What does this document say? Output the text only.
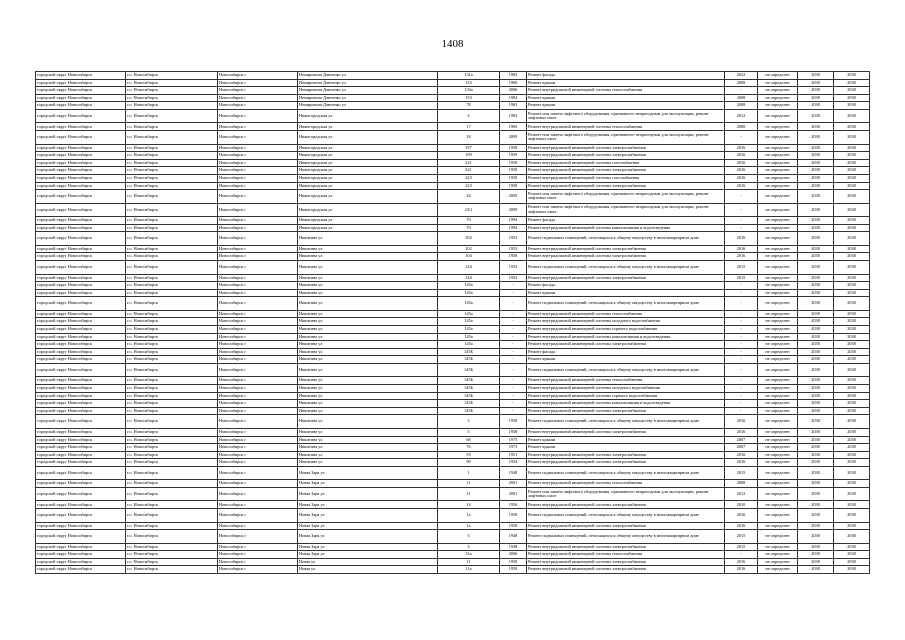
1408
городской округ Новосибирск	г.о. Новосибирск	Новосибирск г	Немировича-Данченко ул	131а	1982	Ремонт фасада	2022	не определен	2038	2038
городской округ Новосибирск	г.о. Новосибирск	Новосибирск г	Немировича-Данченко ул	133	1968	Ремонт крыши	2008	не определен	2038	2038
городской округ Новосибирск	г.о. Новосибирск	Новосибирск г	Немировича-Данченко ул	133а	2006	Ремонт внутридомовой инженерной системы теплоснабжения	-	не определен	2038	2038
городской округ Новосибирск	г.о. Новосибирск	Новосибирск г	Немировича-Данченко ул	153	1984	Ремонт крыши	2008	не определен	2038	2038
городской округ Новосибирск	г.о. Новосибирск	Новосибирск г	Немировича-Данченко ул	78	1963	Ремонт крыши	2008	не определен	2038	2038
городской округ Новосибирск	г.о. Новосибирск	Новосибирск г	Нижегородская ул	2	1983	Ремонт или замена лифтового оборудования, признанного непригодным для эксплуатации, ремонт лифтовых шахт	2012	не определен	2038	2038
городской округ Новосибирск	г.о. Новосибирск	Новосибирск г	Нижегородская ул	17	1969	Ремонт внутридомовой инженерной системы теплоснабжения	2008	не определен	2038	2038
городской округ Новосибирск	г.о. Новосибирск	Новосибирск г	Нижегородская ул	18	2009	Ремонт или замена лифтового оборудования, признанного непригодным для эксплуатации, ремонт лифтовых шахт	-	не определен	2038	2038
городской округ Новосибирск	г.о. Новосибирск	Новосибирск г	Нижегородская ул	197	1958	Ремонт внутридомовой инженерной системы электроснабжения	2016	не определен	2038	2038
городской округ Новосибирск	г.о. Новосибирск	Новосибирск г	Нижегородская ул	199	1959	Ремонт внутридомовой инженерной системы электроснабжения	2016	не определен	2038	2038
городской округ Новосибирск	г.о. Новосибирск	Новосибирск г	Нижегородская ул	221	1958	Ремонт внутридомовой инженерной системы газоснабжения	2016	не определен	2038	2038
городской округ Новосибирск	г.о. Новосибирск	Новосибирск г	Нижегородская ул	221	1958	Ремонт внутридомовой инженерной системы электроснабжения	2016	не определен	2038	2038
городской округ Новосибирск	г.о. Новосибирск	Новосибирск г	Нижегородская ул	223	1958	Ремонт внутридомовой инженерной системы газоснабжения	2016	не определен	2038	2038
городской округ Новосибирск	г.о. Новосибирск	Новосибирск г	Нижегородская ул	223	1958	Ремонт внутридомовой инженерной системы электроснабжения	2016	не определен	2038	2038
городской округ Новосибирск	г.о. Новосибирск	Новосибирск г	Нижегородская ул	24	2009	Ремонт или замена лифтового оборудования, признанного непригодным для эксплуатации, ремонт лифтовых шахт	-	не определен	2038	2038
городской округ Новосибирск	г.о. Новосибирск	Новосибирск г	Нижегородская ул	24/1	2009	Ремонт или замена лифтового оборудования, признанного непригодным для эксплуатации, ремонт лифтовых шахт	-	не определен	2038	2038
городской округ Новосибирск	г.о. Новосибирск	Новосибирск г	Нижегородская ул	70	1994	Ремонт фасада	-	не определен	2038	2038
городской округ Новосибирск	г.о. Новосибирск	Новосибирск г	Нижегородская ул	70	1994	Ремонт внутридомовой инженерной системы канализования и водоотведения	-	не определен	2038	2038
городской округ Новосибирск	г.о. Новосибирск	Новосибирск г	Никитина ул	102	1953	Ремонт подвальных помещений, относящихся к общему имуществу в многоквартирном доме	2016	не определен	2038	2038
городской округ Новосибирск	г.о. Новосибирск	Новосибирск г	Никитина ул	102	1953	Ремонт внутридомовой инженерной системы электроснабжения	2016	не определен	2038	2038
городской округ Новосибирск	г.о. Новосибирск	Новосибирск г	Никитина ул	104	1958	Ремонт внутридомовой инженерной системы электроснабжения	2016	не определен	2038	2038
городской округ Новосибирск	г.о. Новосибирск	Новосибирск г	Никитина ул	144	1952	Ремонт подвальных помещений, относящихся к общему имуществу в многоквартирном доме	2015	не определен	2038	2038
городской округ Новосибирск	г.о. Новосибирск	Новосибирск г	Никитина ул	144	1952	Ремонт внутридомовой инженерной системы электроснабжения	2015	не определен	2038	2038
городской округ Новосибирск	г.о. Новосибирск	Новосибирск г	Никитина ул	145а	-	Ремонт фасада	-	не определен	2038	2038
городской округ Новосибирск	г.о. Новосибирск	Новосибирск г	Никитина ул	145а	-	Ремонт крыши	-	не определен	2038	2038
городской округ Новосибирск	г.о. Новосибирск	Новосибирск г	Никитина ул	145а	-	Ремонт подвальных помещений, относящихся к общему имуществу в многоквартирном доме	-	не определен	2038	2038
городской округ Новосибирск	г.о. Новосибирск	Новосибирск г	Никитина ул	145а	-	Ремонт внутридомовой инженерной системы теплоснабжения	-	не определен	2038	2038
городской округ Новосибирск	г.о. Новосибирск	Новосибирск г	Никитина ул	145а	-	Ремонт внутридомовой инженерной системы холодного водоснабжения	-	не определен	2038	2038
городской округ Новосибирск	г.о. Новосибирск	Новосибирск г	Никитина ул	145а	-	Ремонт внутридомовой инженерной системы горячего водоснабжения	-	не определен	2038	2038
городской округ Новосибирск	г.о. Новосибирск	Новосибирск г	Никитина ул	145а	-	Ремонт внутридомовой инженерной системы канализования и водоотведения	-	не определен	2038	2038
городской округ Новосибирск	г.о. Новосибирск	Новосибирск г	Никитина ул	145а	-	Ремонт внутридомовой инженерной системы электроснабжения	-	не определен	2038	2038
городской округ Новосибирск	г.о. Новосибирск	Новосибирск г	Никитина ул	145Б	-	Ремонт фасада	-	не определен	2038	2038
городской округ Новосибирск	г.о. Новосибирск	Новосибирск г	Никитина ул	145Б	-	Ремонт крыши	-	не определен	2038	2038
городской округ Новосибирск	г.о. Новосибирск	Новосибирск г	Никитина ул	145Б	-	Ремонт подвальных помещений, относящихся к общему имуществу в многоквартирном доме	-	не определен	2038	2038
городской округ Новосибирск	г.о. Новосибирск	Новосибирск г	Никитина ул	145Б	-	Ремонт внутридомовой инженерной системы теплоснабжения	-	не определен	2038	2038
городской округ Новосибирск	г.о. Новосибирск	Новосибирск г	Никитина ул	145Б	-	Ремонт внутридомовой инженерной системы холодного водоснабжения	-	не определен	2038	2038
городской округ Новосибирск	г.о. Новосибирск	Новосибирск г	Никитина ул	145Б	-	Ремонт внутридомовой инженерной системы горячего водоснабжения	-	не определен	2038	2038
городской округ Новосибирск	г.о. Новосибирск	Новосибирск г	Никитина ул	145Б	-	Ремонт внутридомовой инженерной системы канализования и водоотведения	-	не определен	2038	2038
городской округ Новосибирск	г.о. Новосибирск	Новосибирск г	Никитина ул	145Б	-	Ремонт внутридомовой инженерной системы электроснабжения	-	не определен	2038	2038
городской округ Новосибирск	г.о. Новосибирск	Новосибирск г	Никитина ул	3	1958	Ремонт подвальных помещений, относящихся к общему имуществу в многоквартирном доме	2016	не определен	2038	2038
городской округ Новосибирск	г.о. Новосибирск	Новосибирск г	Никитина ул	3	1958	Ремонт внутридомовой инженерной системы электроснабжения	2016	не определен	2038	2038
городской округ Новосибирск	г.о. Новосибирск	Новосибирск г	Никитина ул	68	1975	Ремонт крыши	2007	не определен	2038	2038
городской округ Новосибирск	г.о. Новосибирск	Новосибирск г	Никитина ул	76	1973	Ремонт крыши	2007	не определен	2038	2038
городской округ Новосибирск	г.о. Новосибирск	Новосибирск г	Никитина ул	93	1951	Ремонт внутридомовой инженерной системы электроснабжения	2016	не определен	2038	2038
городской округ Новосибирск	г.о. Новосибирск	Новосибирск г	Никитина ул	99	1954	Ремонт внутридомовой инженерной системы электроснабжения	2016	не определен	2038	2038
городской округ Новосибирск	г.о. Новосибирск	Новосибирск г	Новая Заря ул	1	1948	Ремонт подвальных помещений, относящихся к общему имуществу в многоквартирном доме	2015	не определен	2038	2038
городской округ Новосибирск	г.о. Новосибирск	Новосибирск г	Новая Заря ул	11	2001	Ремонт внутридомовой инженерной системы теплоснабжения	2008	не определен	2038	2038
городской округ Новосибирск	г.о. Новосибирск	Новосибирск г	Новая Заря ул	11	2001	Ремонт или замена лифтового оборудования, признанного непригодным для эксплуатации, ремонт лифтовых шахт	2012	не определен	2038	2038
городской округ Новосибирск	г.о. Новосибирск	Новосибирск г	Новая Заря ул	14	1956	Ремонт внутридомовой инженерной системы электроснабжения	2010	не определен	2038	2038
городской округ Новосибирск	г.о. Новосибирск	Новосибирск г	Новая Заря ул	1а	1958	Ремонт подвальных помещений, относящихся к общему имуществу в многоквартирном доме	2016	не определен	2038	2038
городской округ Новосибирск	г.о. Новосибирск	Новосибирск г	Новая Заря ул	1а	1958	Ремонт внутридомовой инженерной системы электроснабжения	2016	не определен	2038	2038
городской округ Новосибирск	г.о. Новосибирск	Новосибирск г	Новая Заря ул	3	1948	Ремонт подвальных помещений, относящихся к общему имуществу в многоквартирном доме	2015	не определен	2038	2038
городской округ Новосибирск	г.о. Новосибирск	Новосибирск г	Новая Заря ул	3	1948	Ремонт внутридомовой инженерной системы электроснабжения	2015	не определен	2038	2038
городской округ Новосибирск	г.о. Новосибирск	Новосибирск г	Новая Заря ул	31а	2006	Ремонт внутридомовой инженерной системы теплоснабжения	-	не определен	2038	2038
городской округ Новосибирск	г.о. Новосибирск	Новосибирск г	Новая ул	11	1958	Ремонт внутридомовой инженерной системы электроснабжения	2016	не определен	2038	2038
городской округ Новосибирск	г.о. Новосибирск	Новосибирск г	Новая ул	11а	1959	Ремонт внутридомовой инженерной системы электроснабжения	2016	не определен	2038	2038
